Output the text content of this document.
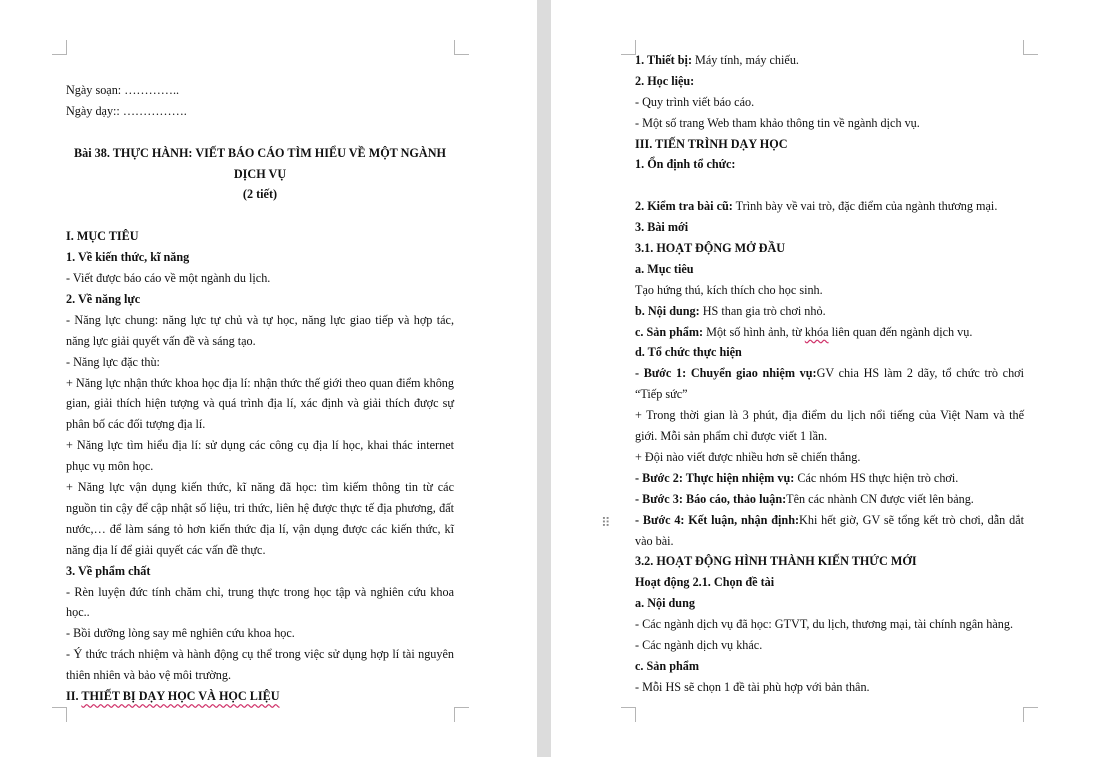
⠿
Ngày soạn: …………..
Ngày dạy:: …………….
Bài 38. THỰC HÀNH: VIẾT BÁO CÁO TÌM HIỂU VỀ MỘT NGÀNH
DỊCH VỤ
(2 tiết)
I. MỤC TIÊU
1. Về kiến thức, kĩ năng
- Viết được báo cáo về một ngành du lịch.
2. Về năng lực
- Năng lực chung: năng lực tự chủ và tự học, năng lực giao tiếp và hợp tác, năng lực giải quyết vấn đề và sáng tạo.
- Năng lực đặc thù:
+ Năng lực nhận thức khoa học địa lí: nhận thức thế giới theo quan điểm không gian, giải thích hiện tượng và quá trình địa lí, xác định và giải thích được sự phân bố các đối tượng địa lí.
+ Năng lực tìm hiểu địa lí: sử dụng các công cụ địa lí học, khai thác internet phục vụ môn học.
+ Năng lực vận dụng kiến thức, kĩ năng đã học: tìm kiếm thông tin từ các nguồn tin cậy để cập nhật số liệu, tri thức, liên hệ được thực tế địa phương, đất nước,… để làm sáng tỏ hơn kiến thức địa lí, vận dụng được các kiến thức, kĩ năng địa lí để giải quyết các vấn đề thực.
3. Về phẩm chất
- Rèn luyện đức tính chăm chỉ, trung thực trong học tập và nghiên cứu khoa học..
- Bồi dưỡng lòng say mê nghiên cứu khoa học.
- Ý thức trách nhiệm và hành động cụ thể trong việc sử dụng hợp lí tài nguyên thiên nhiên và bảo vệ môi trường.
II. THIẾT BỊ DẠY HỌC VÀ HỌC LIỆU
1. Thiết bị: Máy tính, máy chiếu.
2. Học liệu:
- Quy trình viết báo cáo.
- Một số trang Web tham khảo thông tin về ngành dịch vụ.
III. TIẾN TRÌNH DẠY HỌC
1. Ổn định tổ chức:
2. Kiểm tra bài cũ: Trình bày về vai trò, đặc điểm của ngành thương mại.
3. Bài mới
3.1. HOẠT ĐỘNG MỞ ĐẦU
a. Mục tiêu
Tạo hứng thú, kích thích cho học sinh.
b. Nội dung: HS than gia trò chơi nhỏ.
c. Sản phẩm: Một số hình ảnh, từ khóa liên quan đến ngành dịch vụ.
d. Tổ chức thực hiện
- Bước 1: Chuyển giao nhiệm vụ:GV chia HS làm 2 dãy, tổ chức trò chơi “Tiếp sức”
+ Trong thời gian là 3 phút, địa điểm du lịch nổi tiếng của Việt Nam và thế giới. Mỗi sản phẩm chỉ được viết 1 lần.
+ Đội nào viết được nhiều hơn sẽ chiến thắng.
- Bước 2: Thực hiện nhiệm vụ: Các nhóm HS thực hiện trò chơi.
- Bước 3: Báo cáo, thảo luận:Tên các nhành CN được viết lên bảng.
- Bước 4: Kết luận, nhận định:Khi hết giờ, GV sẽ tổng kết trò chơi, dẫn dắt vào bài.
3.2. HOẠT ĐỘNG HÌNH THÀNH KIẾN THỨC MỚI
Hoạt động 2.1. Chọn đề tài
a. Nội dung
- Các ngành dịch vụ đã học: GTVT, du lịch, thương mại, tài chính ngân hàng.
- Các ngành dịch vụ khác.
c. Sản phẩm
- Mỗi HS sẽ chọn 1 đề tài phù hợp với bản thân.
